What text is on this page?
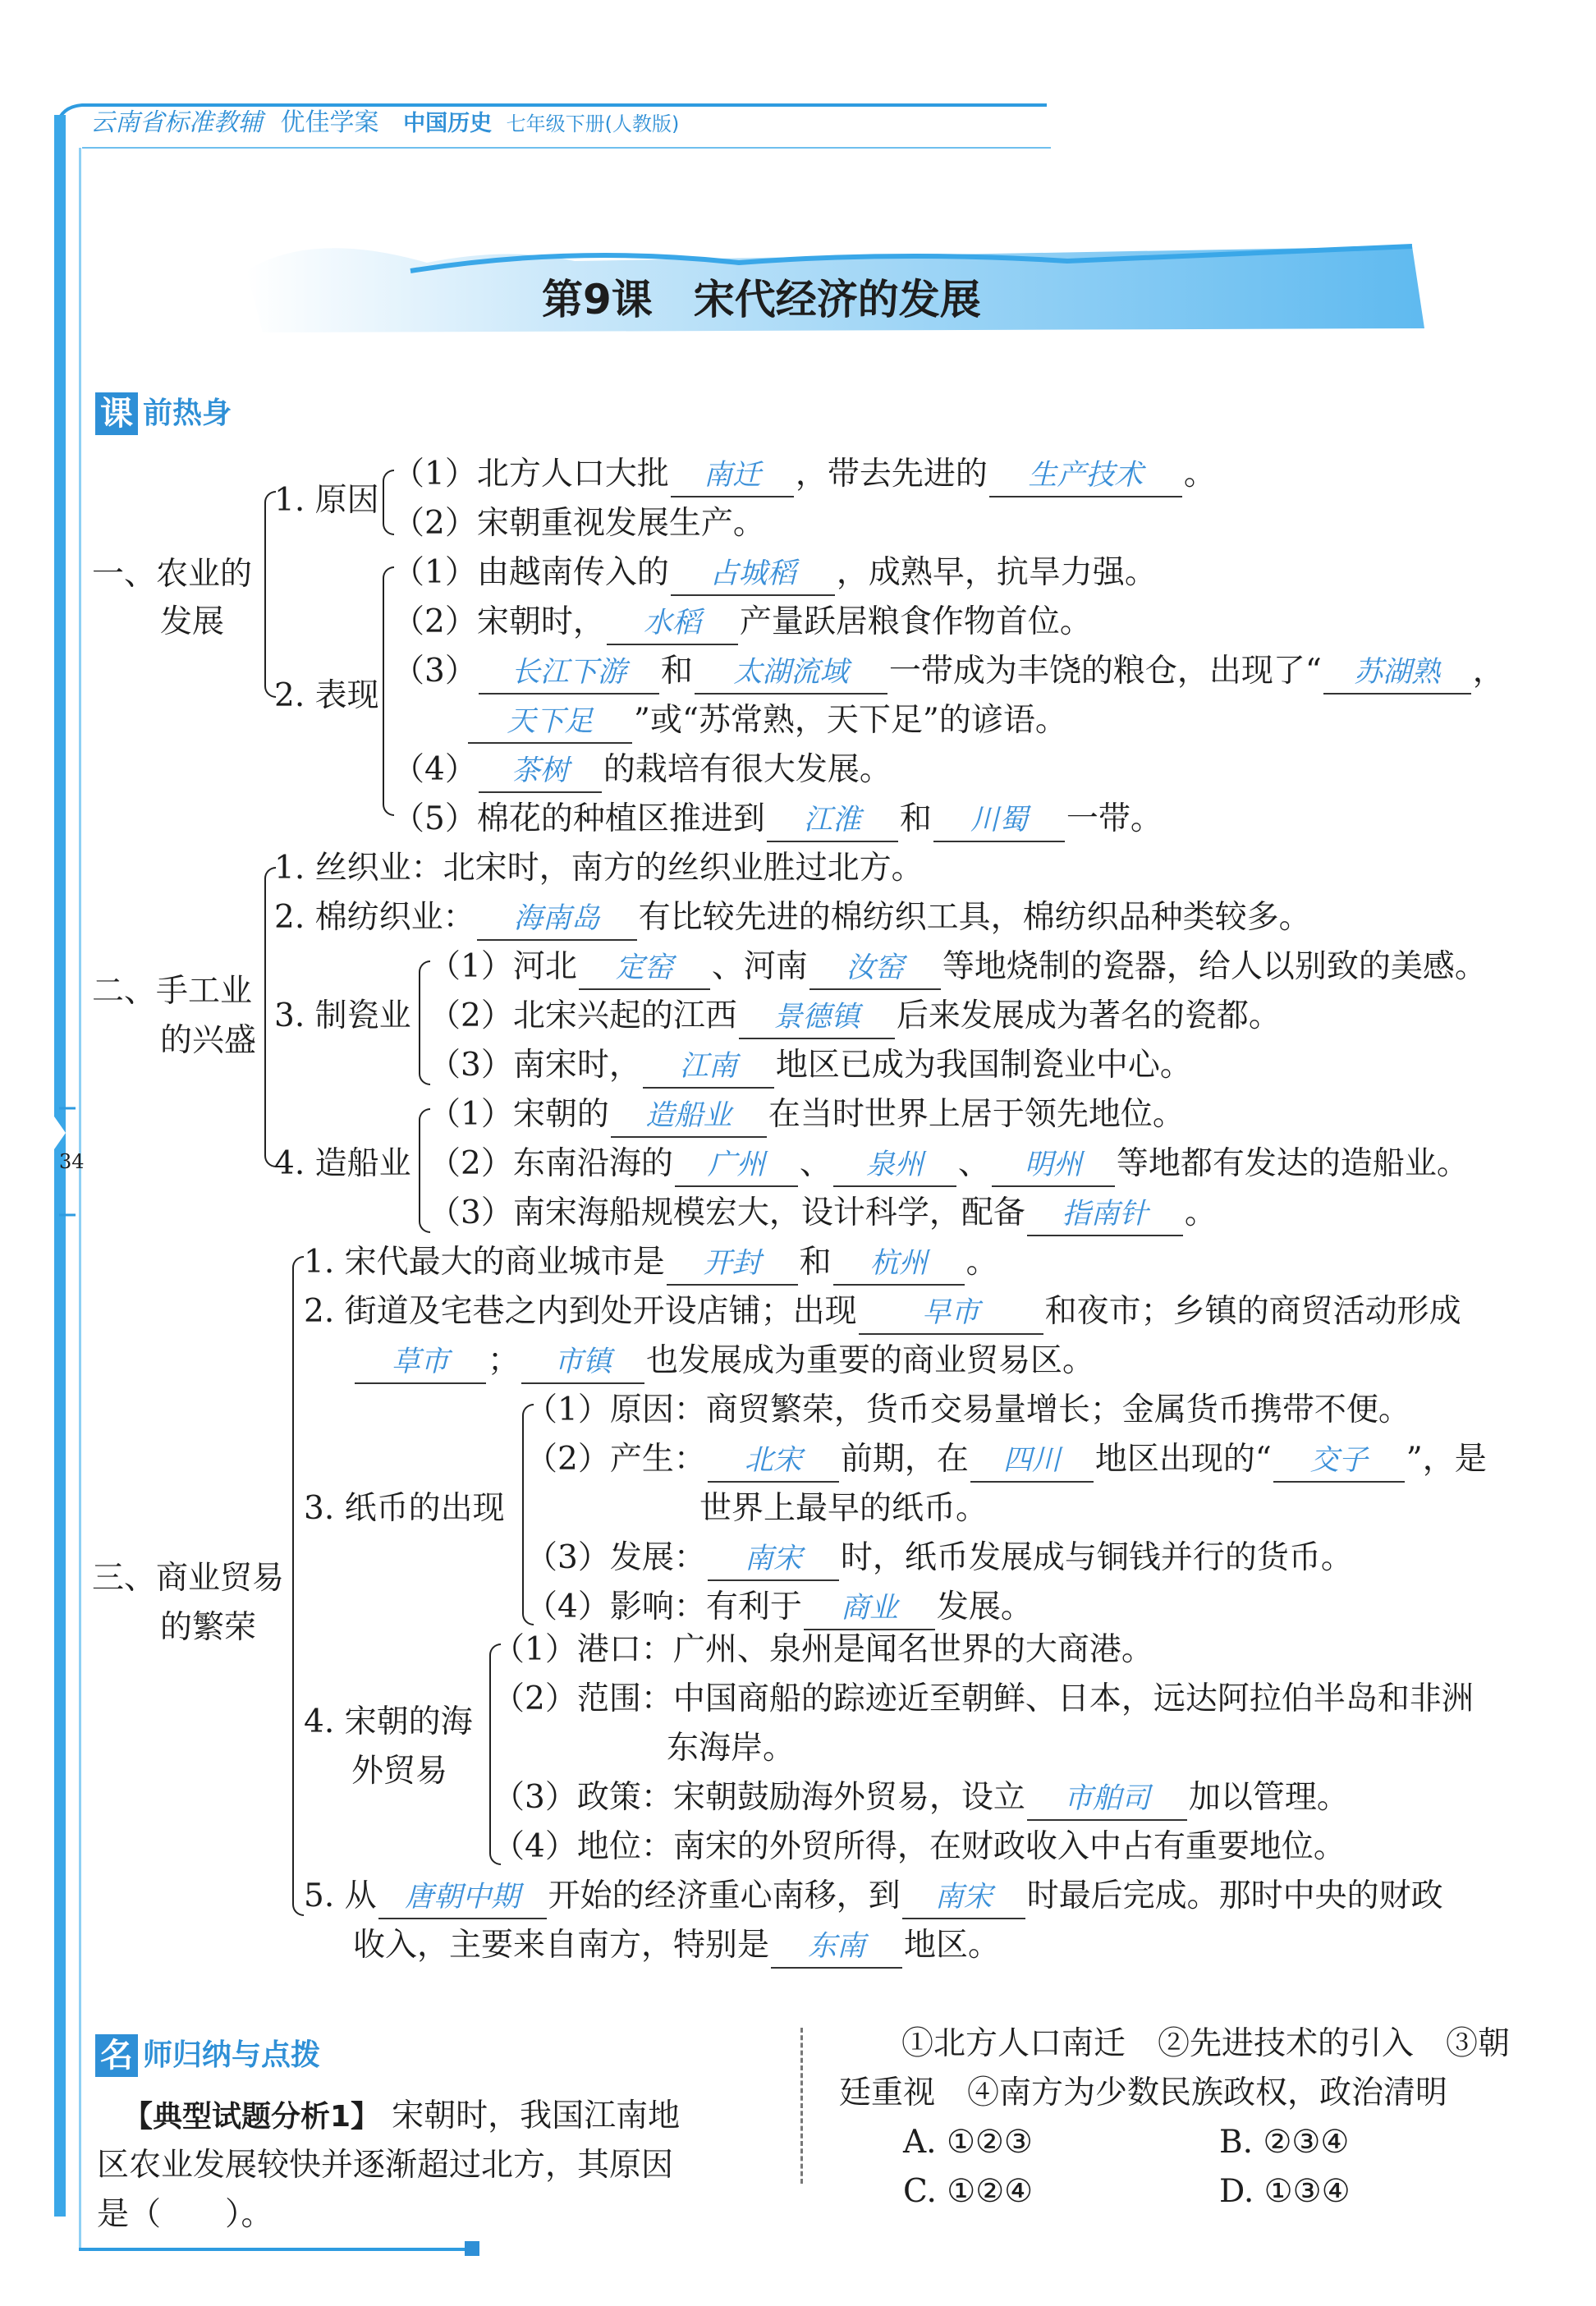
云南省标准教辅 优佳学案 中国历史 七年级下册(人教版)
第9课　宋代经济的发展
课 前热身
一、农业的
发展
1. 原因
（1）北方人口大批 南迁 ，带去先进的 生产技术 。
（2）宋朝重视发展生产。
2. 表现
（1）由越南传入的 占城稻 ，成熟早，抗旱力强。
（2）宋朝时， 水稻 产量跃居粮食作物首位。
（3） 长江下游 和 太湖流域 一带成为丰饶的粮仓，出现了“ 苏湖熟 ，
天下足 ”或“苏常熟，天下足”的谚语。
（4） 茶树 的栽培有很大发展。
（5）棉花的种植区推进到 江淮 和 川蜀 一带。
二、手工业
的兴盛
1. 丝织业：北宋时，南方的丝织业胜过北方。
2. 棉纺织业： 海南岛 有比较先进的棉纺织工具，棉纺织品种类较多。
3. 制瓷业
（1）河北 定窑 、河南 汝窑 等地烧制的瓷器，给人以别致的美感。
（2）北宋兴起的江西 景德镇 后来发展成为著名的瓷都。
（3）南宋时， 江南 地区已成为我国制瓷业中心。
4. 造船业
（1）宋朝的 造船业 在当时世界上居于领先地位。
（2）东南沿海的 广州 、 泉州 、 明州 等地都有发达的造船业。
（3）南宋海船规模宏大，设计科学，配备 指南针 。
34
三、商业贸易
的繁荣
1. 宋代最大的商业城市是 开封 和 杭州 。
2. 街道及宅巷之内到处开设店铺；出现 早市 和夜市；乡镇的商贸活动形成
草市 ； 市镇 也发展成为重要的商业贸易区。
3. 纸币的出现
（1）原因：商贸繁荣，货币交易量增长；金属货币携带不便。
（2）产生： 北宋 前期，在 四川 地区出现的“ 交子 ”，是
世界上最早的纸币。
（3）发展： 南宋 时，纸币发展成与铜钱并行的货币。
（4）影响：有利于 商业 发展。
4. 宋朝的海
外贸易
（1）港口：广州、泉州是闻名世界的大商港。
（2）范围：中国商船的踪迹近至朝鲜、日本，远达阿拉伯半岛和非洲
东海岸。
（3）政策：宋朝鼓励海外贸易，设立 市舶司 加以管理。
（4）地位：南宋的外贸所得，在财政收入中占有重要地位。
5. 从 唐朝中期 开始的经济重心南移，到 南宋 时最后完成。那时中央的财政
收入，主要来自南方，特别是 东南 地区。
名 师归纳与点拨
【典型试题分析1】 宋朝时，我国江南地
区农业发展较快并逐渐超过北方，其原因
是（　　）。
①北方人口南迁　②先进技术的引入　③朝
廷重视　④南方为少数民族政权，政治清明
A. ①②③	B. ②③④
C. ①②④	D. ①③④
